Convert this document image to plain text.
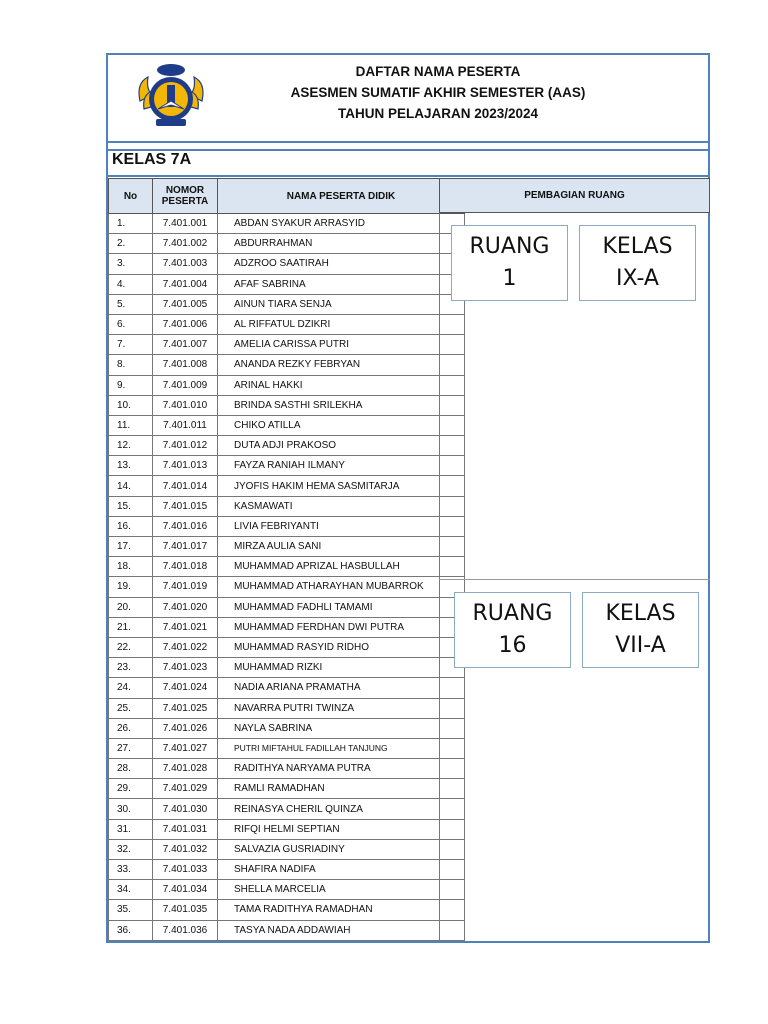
DAFTAR NAMA PESERTA
ASESMEN SUMATIF AKHIR SEMESTER (AAS)
TAHUN PELAJARAN 2023/2024
KELAS 7A
No	NOMOR
PESERTA	NAMA PESERTA DIDIK
1.	7.401.001	ABDAN SYAKUR ARRASYID
2.	7.401.002	ABDURRAHMAN
3.	7.401.003	ADZROO SAATIRAH
4.	7.401.004	AFAF SABRINA
5.	7.401.005	AINUN TIARA SENJA
6.	7.401.006	AL RIFFATUL DZIKRI
7.	7.401.007	AMELIA CARISSA PUTRI
8.	7.401.008	ANANDA REZKY FEBRYAN
9.	7.401.009	ARINAL HAKKI
10.	7.401.010	BRINDA SASTHI SRILEKHA
11.	7.401.011	CHIKO ATILLA
12.	7.401.012	DUTA ADJI PRAKOSO
13.	7.401.013	FAYZA RANIAH ILMANY
14.	7.401.014	JYOFIS HAKIM HEMA SASMITARJA
15.	7.401.015	KASMAWATI
16.	7.401.016	LIVIA FEBRIYANTI
17.	7.401.017	MIRZA AULIA SANI
18.	7.401.018	MUHAMMAD APRIZAL HASBULLAH
19.	7.401.019	MUHAMMAD ATHARAYHAN MUBARROK
20.	7.401.020	MUHAMMAD FADHLI TAMAMI
21.	7.401.021	MUHAMMAD FERDHAN DWI PUTRA
22.	7.401.022	MUHAMMAD RASYID RIDHO
23.	7.401.023	MUHAMMAD RIZKI
24.	7.401.024	NADIA ARIANA PRAMATHA
25.	7.401.025	NAVARRA PUTRI TWINZA
26.	7.401.026	NAYLA SABRINA
27.	7.401.027	PUTRI MIFTAHUL FADILLAH TANJUNG
28.	7.401.028	RADITHYA NARYAMA PUTRA
29.	7.401.029	RAMLI RAMADHAN
30.	7.401.030	REINASYA CHERIL QUINZA
31.	7.401.031	RIFQI HELMI SEPTIAN
32.	7.401.032	SALVAZIA GUSRIADINY
33.	7.401.033	SHAFIRA NADIFA
34.	7.401.034	SHELLA MARCELIA
35.	7.401.035	TAMA RADITHYA RAMADHAN
36.	7.401.036	TASYA NADA ADDAWIAH
PEMBAGIAN RUANG
RUANG
1
KELAS
IX-A
RUANG
16
KELAS
VII-A
